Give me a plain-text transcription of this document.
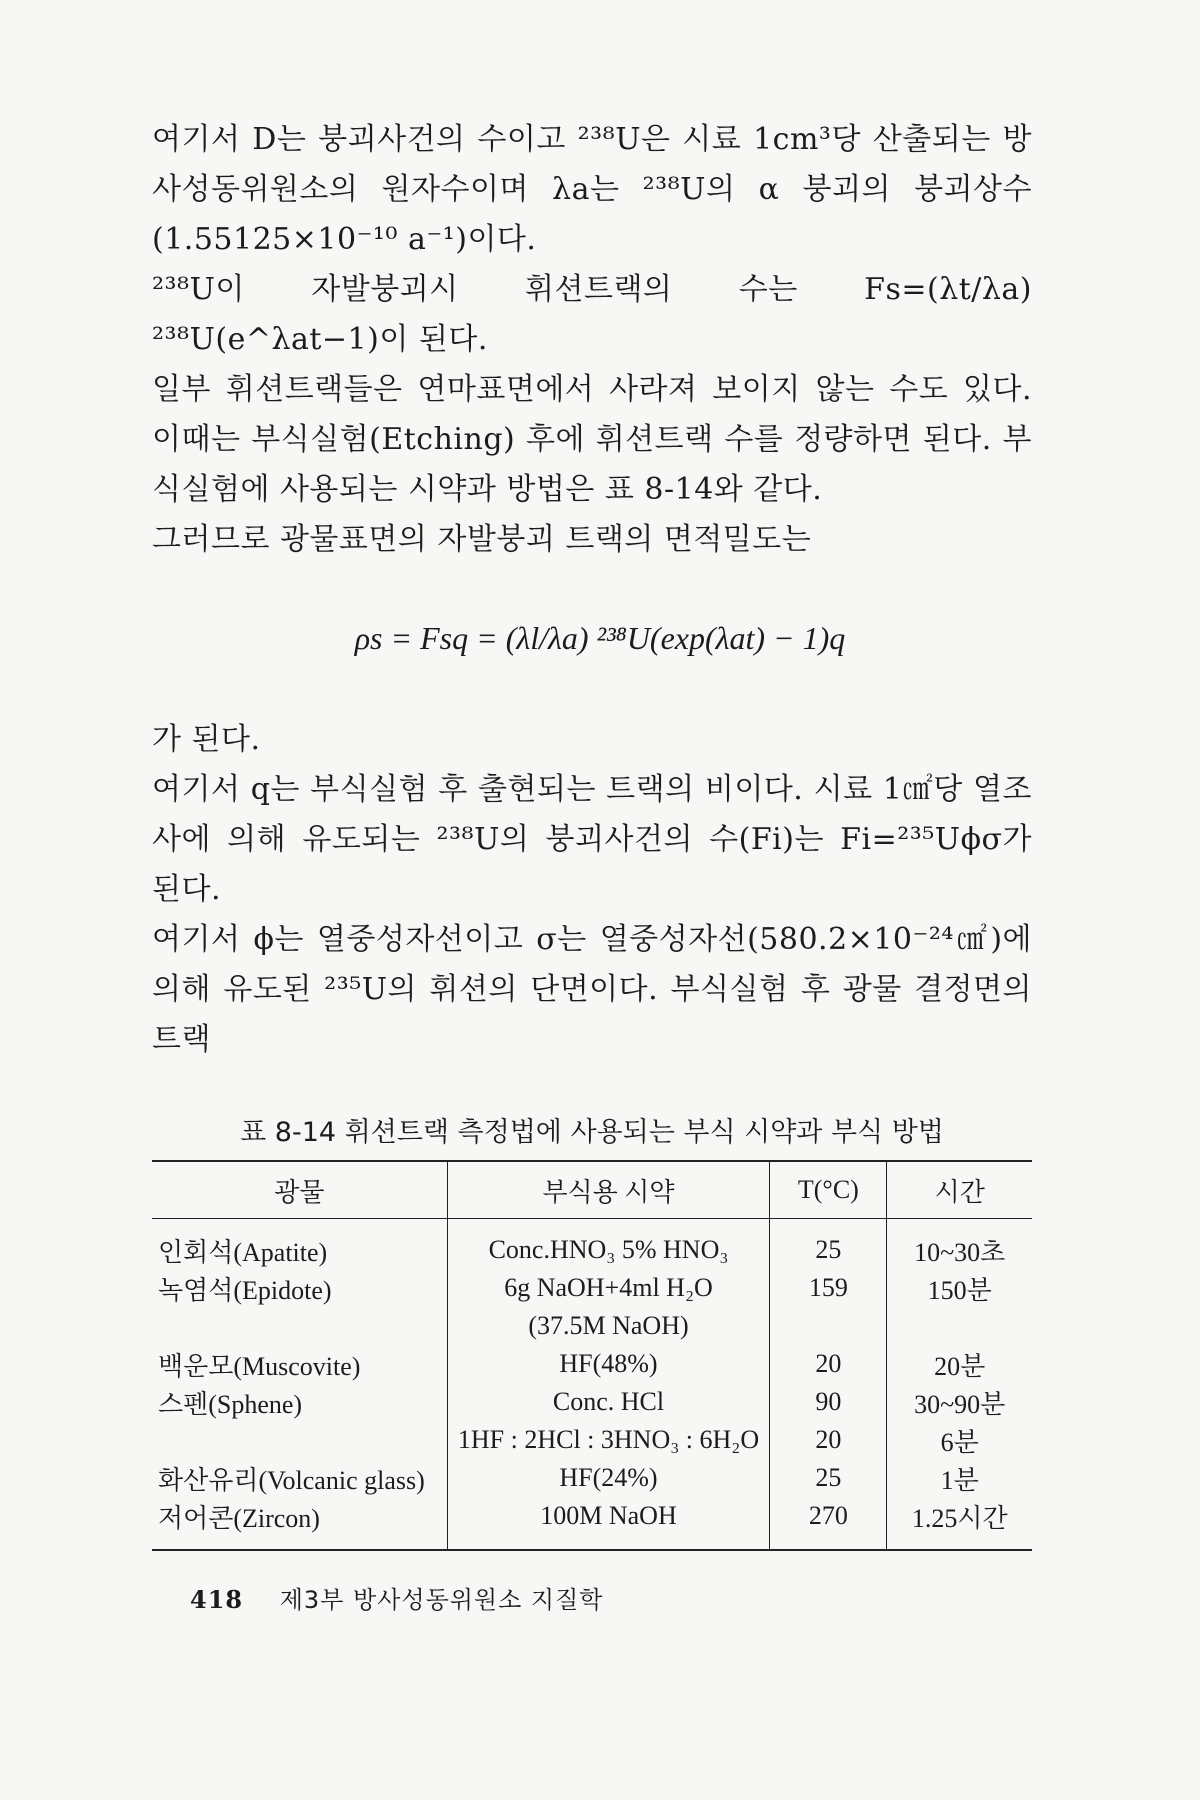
여기서 D는 붕괴사건의 수이고 ²³⁸U은 시료 1cm³당 산출되는 방사성동위원소의 원자수이며 λa는 ²³⁸U의 α 붕괴의 붕괴상수(1.55125×10⁻¹⁰ a⁻¹)이다.

²³⁸U이 자발붕괴시 휘션트랙의 수는 Fs=(λt/λa) ²³⁸U(e^λat−1)이 된다.

일부 휘션트랙들은 연마표면에서 사라져 보이지 않는 수도 있다. 이때는 부식실험(Etching) 후에 휘션트랙 수를 정량하면 된다. 부식실험에 사용되는 시약과 방법은 표 8-14와 같다.

그러므로 광물표면의 자발붕괴 트랙의 면적밀도는

ρs = Fsq = (λl/λa) ²³⁸U(exp(λat) − 1)q

가 된다.

여기서 q는 부식실험 후 출현되는 트랙의 비이다. 시료 1㎠당 열조사에 의해 유도되는 ²³⁸U의 붕괴사건의 수(Fi)는 Fi=²³⁵Uϕσ가 된다.

여기서 ϕ는 열중성자선이고 σ는 열중성자선(580.2×10⁻²⁴㎠)에 의해 유도된 ²³⁵U의 휘션의 단면이다. 부식실험 후 광물 결정면의 트랙

표 8-14 휘션트랙 측정법에 사용되는 부식 시약과 부식 방법
광물	부식용 시약	T(°C)	시간
인회석(Apatite)	Conc.HNO₃ 5% HNO₃	25	10~30초
녹염석(Epidote)	6g NaOH+4ml H₂O	159	150분
	(37.5M NaOH)		
백운모(Muscovite)	HF(48%)	20	20분
스펜(Sphene)	Conc. HCl	90	30~90분
	1HF : 2HCl : 3HNO₃ : 6H₂O	20	6분
화산유리(Volcanic glass)	HF(24%)	25	1분
저어콘(Zircon)	100M NaOH	270	1.25시간
418 제3부 방사성동위원소 지질학
